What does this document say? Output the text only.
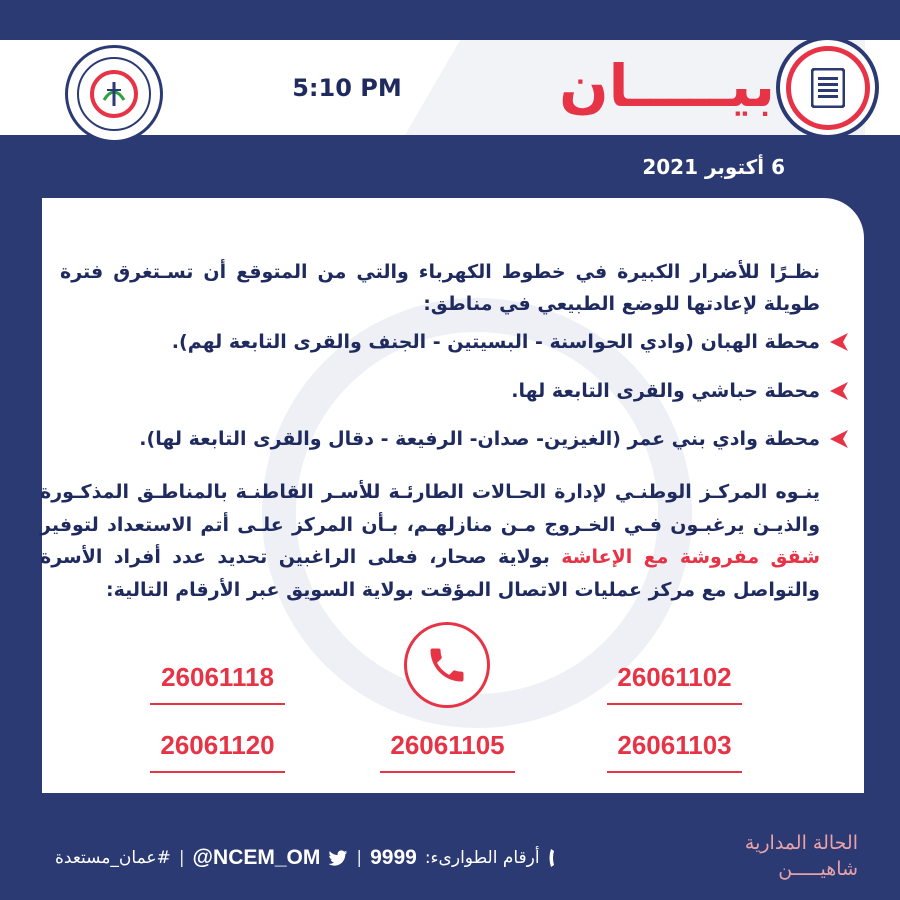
5:10 PM	بيـــــان
6 أكتوبر 2021
نظـرًا للأضرار الكبيرة في خطوط الكهرباء والتي من المتوقع أن تسـتغرق فترة طويلة لإعادتها للوضع الطبيعي في مناطق:
محطة الهبان (وادي الحواسنة - البسيتين - الجنف والقرى التابعة لهم).
محطة حباشي والقرى التابعة لها.
محطة وادي بني عمر (الغيزين- صدان- الرفيعة - دقال والقرى التابعة لها).
ينـوه المركـز الوطنـي لإدارة الحـالات الطارئـة للأسـر القاطنـة بالمناطـق المذكـورة والذيـن يرغبـون فـي الخـروج مـن منازلهـم، بـأن المركز علـى أتم الاستعداد لتوفير شقق مفروشة مع الإعاشة بولاية صحار، فعلى الراغبين تحديد عدد أفراد الأسرة والتواصل مع مركز عمليات الاتصال المؤقت بولاية السويق عبر الأرقام التالية:
26061102
26061118
26061103
26061105
26061120
أرقام الطوارىء:
9999
|
@NCEM_OM
|
#عمان_مستعدة
الحالة المدارية
شاهيـــــن
